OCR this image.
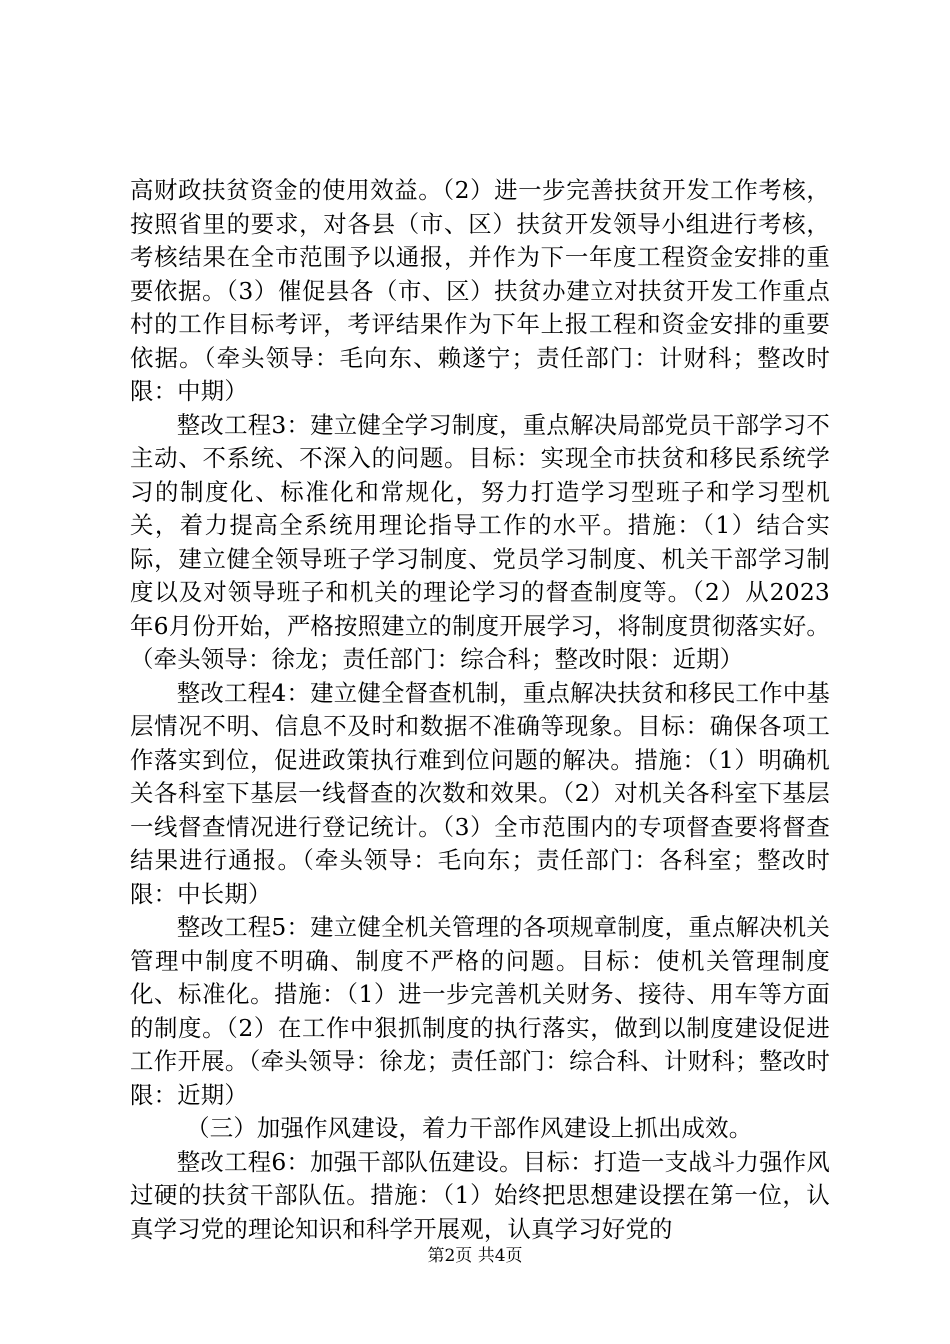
高财政扶贫资金的使用效益。（2）进一步完善扶贫开发工作考核，按照省里的要求，对各县（市、区）扶贫开发领导小组进行考核，考核结果在全市范围予以通报，并作为下一年度工程资金安排的重要依据。（3）催促县各（市、区）扶贫办建立对扶贫开发工作重点村的工作目标考评，考评结果作为下年上报工程和资金安排的重要依据。（牵头领导：毛向东、赖遂宁；责任部门：计财科；整改时限：中期）

整改工程3：建立健全学习制度，重点解决局部党员干部学习不主动、不系统、不深入的问题。目标：实现全市扶贫和移民系统学习的制度化、标准化和常规化，努力打造学习型班子和学习型机关，着力提高全系统用理论指导工作的水平。措施：（1）结合实际，建立健全领导班子学习制度、党员学习制度、机关干部学习制度以及对领导班子和机关的理论学习的督查制度等。（2）从2023年6月份开始，严格按照建立的制度开展学习，将制度贯彻落实好。（牵头领导：徐龙；责任部门：综合科；整改时限：近期）

整改工程4：建立健全督查机制，重点解决扶贫和移民工作中基层情况不明、信息不及时和数据不准确等现象。目标：确保各项工作落实到位，促进政策执行难到位问题的解决。措施：（1）明确机关各科室下基层一线督查的次数和效果。（2）对机关各科室下基层一线督查情况进行登记统计。（3）全市范围内的专项督查要将督查结果进行通报。（牵头领导：毛向东；责任部门：各科室；整改时限：中长期）

整改工程5：建立健全机关管理的各项规章制度，重点解决机关管理中制度不明确、制度不严格的问题。目标：使机关管理制度化、标准化。措施：（1）进一步完善机关财务、接待、用车等方面的制度。（2）在工作中狠抓制度的执行落实，做到以制度建设促进工作开展。（牵头领导：徐龙；责任部门：综合科、计财科；整改时限：近期）

（三）加强作风建设，着力干部作风建设上抓出成效。

整改工程6：加强干部队伍建设。目标：打造一支战斗力强作风过硬的扶贫干部队伍。措施：（1）始终把思想建设摆在第一位，认真学习党的理论知识和科学开展观，认真学习好党的

第2页 共4页
